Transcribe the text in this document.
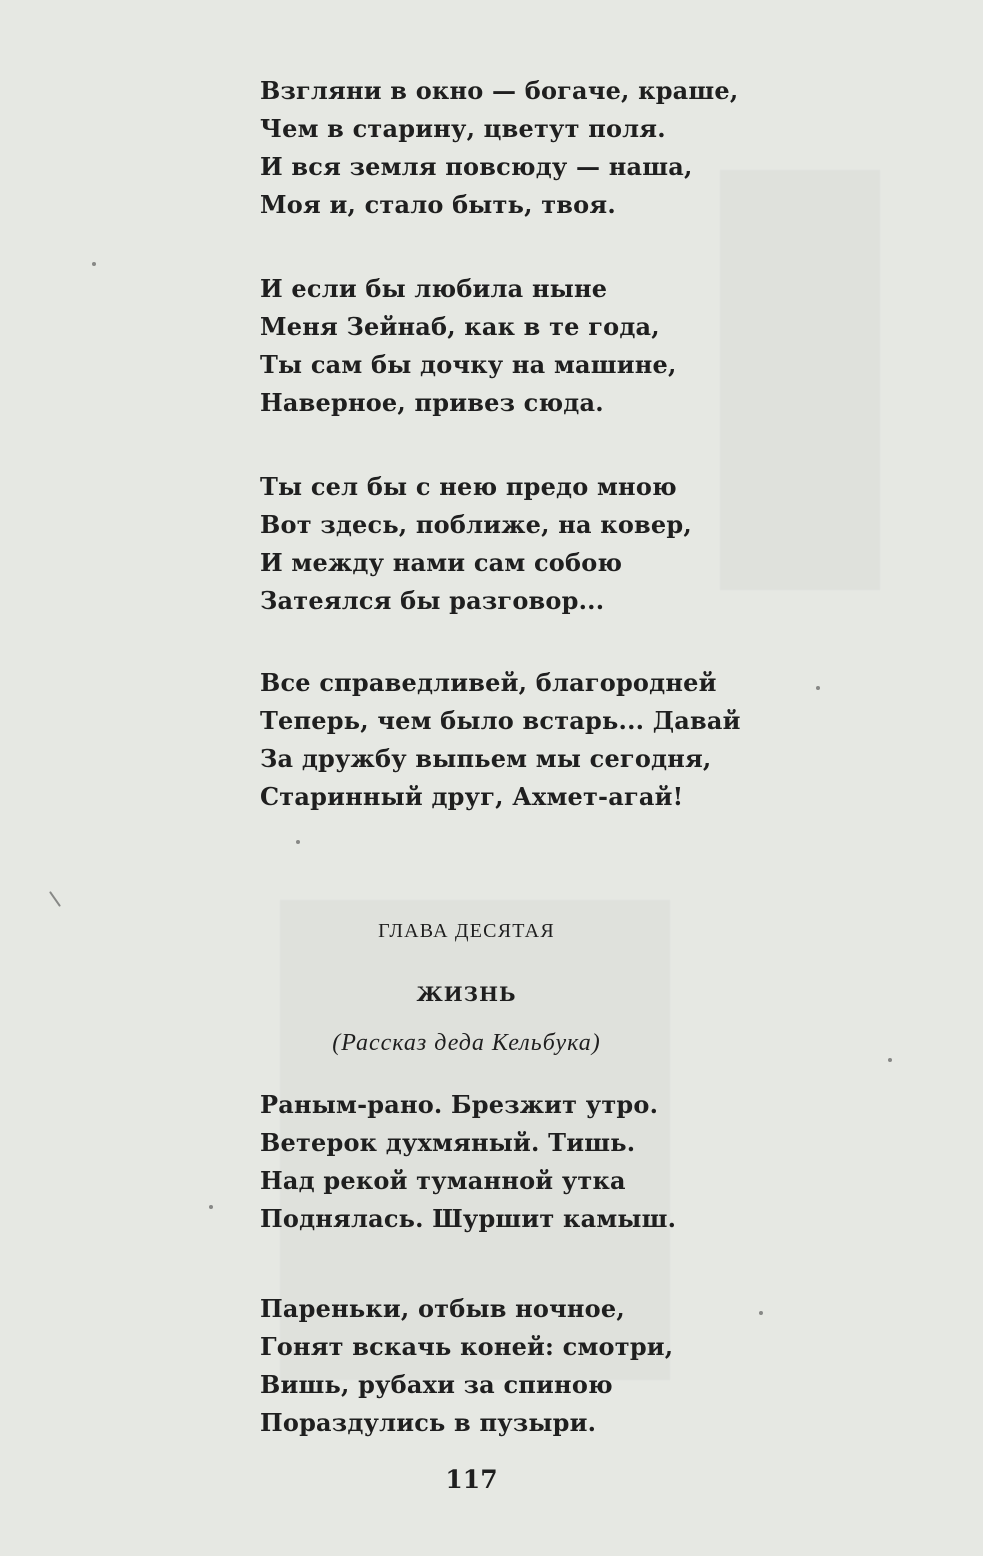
Взгляни в окно — богаче, краше,
Чем в старину, цветут поля.
И вся земля повсюду — наша,
Моя и, стало быть, твоя.
И если бы любила ныне
Меня Зейнаб, как в те года,
Ты сам бы дочку на машине,
Наверное, привез сюда.
Ты сел бы с нею предо мною
Вот здесь, поближе, на ковер,
И между нами сам собою
Затеялся бы разговор...
Все справедливей, благородней
Теперь, чем было встарь... Давай
За дружбу выпьем мы сегодня,
Старинный друг, Ахмет-агай!
ГЛАВА ДЕСЯТАЯ
ЖИЗНЬ
(Рассказ деда Кельбука)
Раным-рано. Брезжит утро.
Ветерок духмяный. Тишь.
Над рекой туманной утка
Поднялась. Шуршит камыш.
Пареньки, отбыв ночное,
Гонят вскачь коней: смотри,
Вишь, рубахи за спиною
Пораздулись в пузыри.
117
